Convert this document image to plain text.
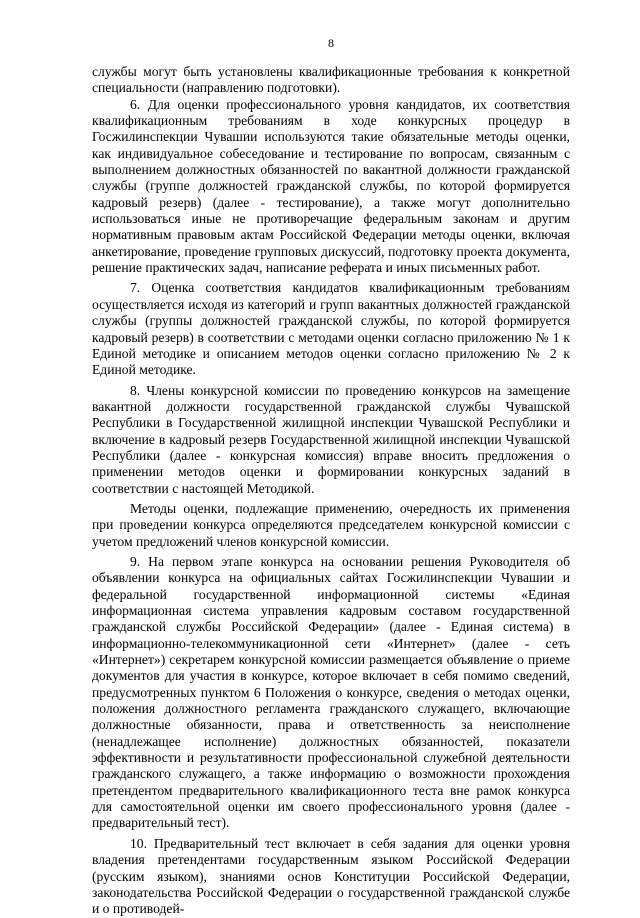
8

службы могут быть установлены квалификационные требования к конкретной специальности (направлению подготовки).

6. Для оценки профессионального уровня кандидатов, их соответствия квалификационным требованиям в ходе конкурсных процедур в Госжилинспекции Чувашии используются такие обязательные методы оценки, как индивидуальное собеседование и тестирование по вопросам, связанным с выполнением должностных обязанностей по вакантной должности гражданской службы (группе должностей гражданской службы, по которой формируется кадровый резерв) (далее - тестирование), а также могут дополнительно использоваться иные не противоречащие федеральным законам и другим нормативным правовым актам Российской Федерации методы оценки, включая анкетирование, проведение групповых дискуссий, подготовку проекта документа, решение практических задач, написание реферата и иных письменных работ.

7. Оценка соответствия кандидатов квалификационным требованиям осуществляется исходя из категорий и групп вакантных должностей гражданской службы (группы должностей гражданской службы, по которой формируется кадровый резерв) в соответствии с методами оценки согласно приложению № 1 к Единой методике и описанием методов оценки согласно приложению № 2 к Единой методике.

8. Члены конкурсной комиссии по проведению конкурсов на замещение вакантной должности государственной гражданской службы Чувашской Республики в Государственной жилищной инспекции Чувашской Республики и включение в кадровый резерв Государственной жилищной инспекции Чувашской Республики (далее - конкурсная комиссия) вправе вносить предложения о применении методов оценки и формировании конкурсных заданий в соответствии с настоящей Методикой.

Методы оценки, подлежащие применению, очередность их применения при проведении конкурса определяются председателем конкурсной комиссии с учетом предложений членов конкурсной комиссии.

9. На первом этапе конкурса на основании решения Руководителя об объявлении конкурса на официальных сайтах Госжилинспекции Чувашии и федеральной государственной информационной системы «Единая информационная система управления кадровым составом государственной гражданской службы Российской Федерации» (далее - Единая система) в информационно-телекоммуникационной сети «Интернет» (далее - сеть «Интернет») секретарем конкурсной комиссии размещается объявление о приеме документов для участия в конкурсе, которое включает в себя помимо сведений, предусмотренных пунктом 6 Положения о конкурсе, сведения о методах оценки, положения должностного регламента гражданского служащего, включающие должностные обязанности, права и ответственность за неисполнение (ненадлежащее исполнение) должностных обязанностей, показатели эффективности и результативности профессиональной служебной деятельности гражданского служащего, а также информацию о возможности прохождения претендентом предварительного квалификационного теста вне рамок конкурса для самостоятельной оценки им своего профессионального уровня (далее - предварительный тест).

10. Предварительный тест включает в себя задания для оценки уровня владения претендентами государственным языком Российской Федерации (русским языком), знаниями основ Конституции Российской Федерации, законодательства Российской Федерации о государственной гражданской службе и о противодей-
